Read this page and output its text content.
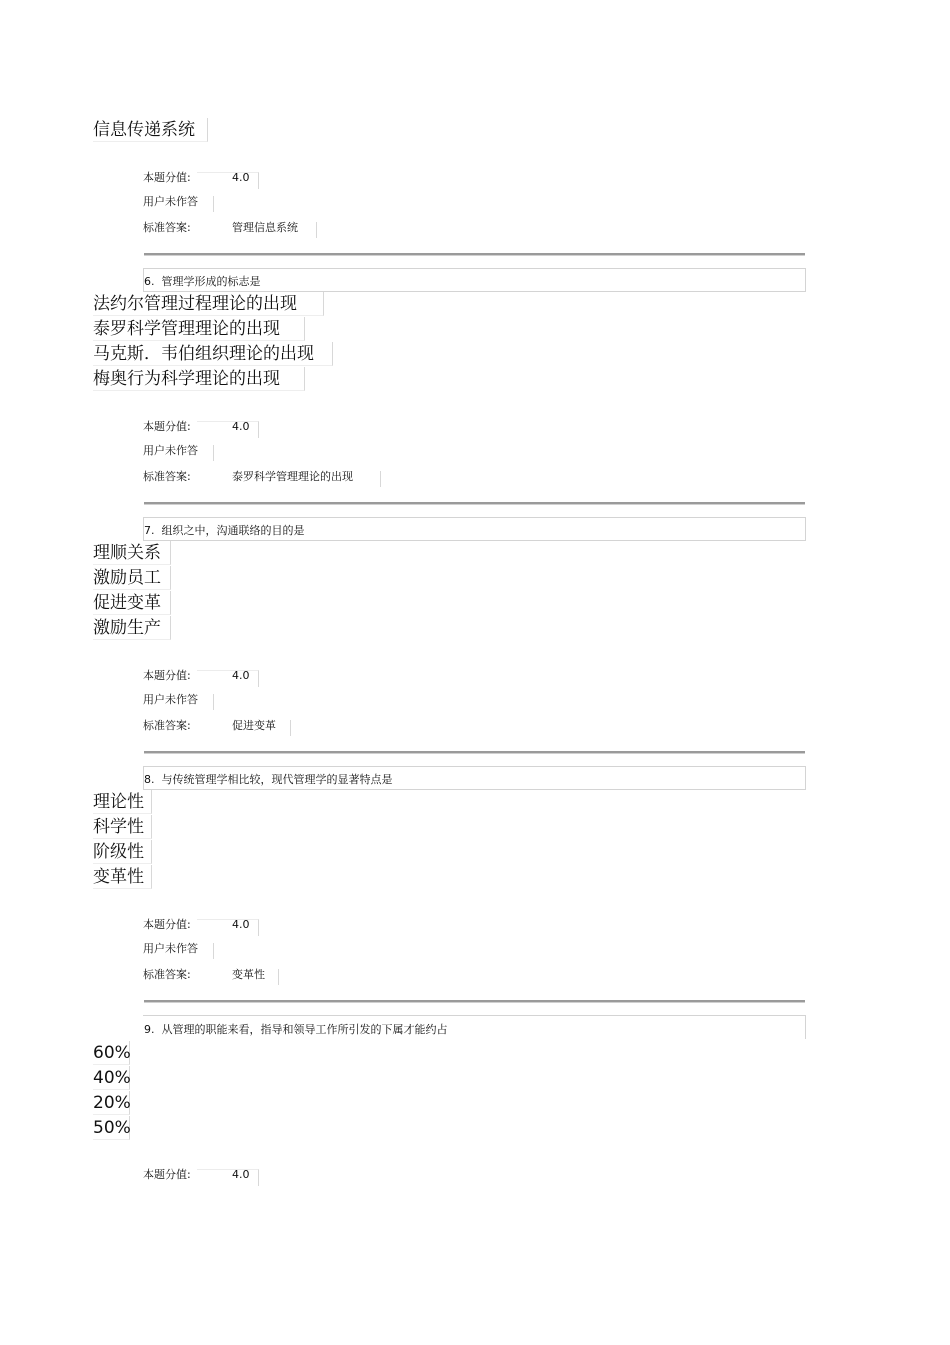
信息传递系统
本题分值:	4.0
用户未作答
标准答案:	管理信息系统
6. 管理学形成的标志是
法约尔管理过程理论的出现
泰罗科学管理理论的出现
马克斯．韦伯组织理论的出现
梅奥行为科学理论的出现
本题分值:	4.0
用户未作答
标准答案:	泰罗科学管理理论的出现
7. 组织之中，沟通联络的目的是
理顺关系
激励员工
促进变革
激励生产
本题分值:	4.0
用户未作答
标准答案:	促进变革
8. 与传统管理学相比较，现代管理学的显著特点是
理论性
科学性
阶级性
变革性
本题分值:	4.0
用户未作答
标准答案:	变革性
9. 从管理的职能来看，指导和领导工作所引发的下属才能约占
60%
40%
20%
50%
本题分值:	4.0
